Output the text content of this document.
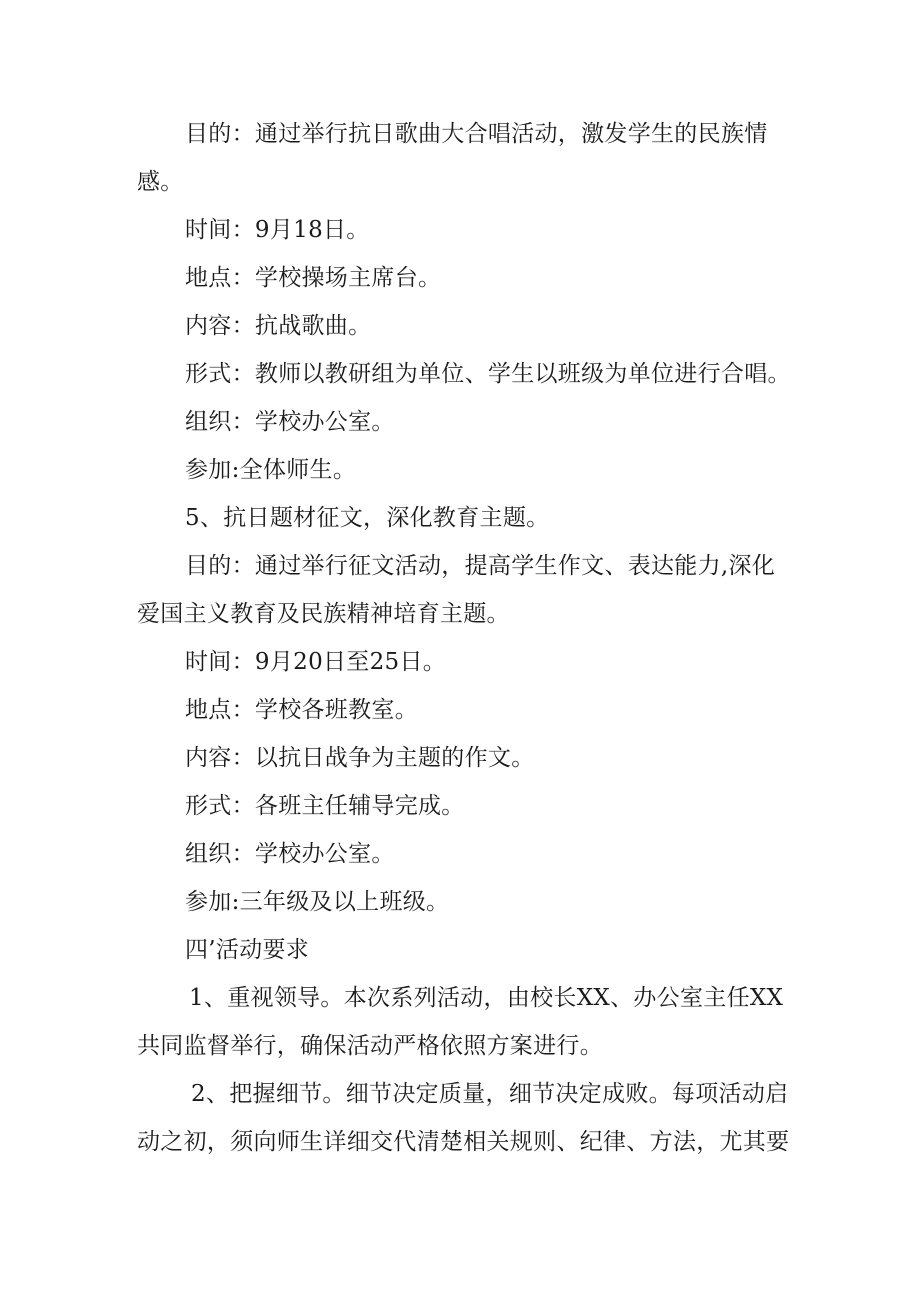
目的：通过举行抗日歌曲大合唱活动，激发学生的民族情感。

时间：9月18日。

地点：学校操场主席台。

内容：抗战歌曲。

形式：教师以教研组为单位、学生以班级为单位进行合唱。

组织：学校办公室。

参加:全体师生。

5、抗日题材征文，深化教育主题。

目的：通过举行征文活动，提高学生作文、表达能力,深化爱国主义教育及民族精神培育主题。

时间：9月20日至25日。

地点：学校各班教室。

内容：以抗日战争为主题的作文。

形式：各班主任辅导完成。

组织：学校办公室。

参加:三年级及以上班级。

四’活动要求

1、重视领导。本次系列活动，由校长XX、办公室主任XX共同监督举行，确保活动严格依照方案进行。

2、把握细节。细节决定质量，细节决定成败。每项活动启动之初，须向师生详细交代清楚相关规则、纪律、方法，尤其要
